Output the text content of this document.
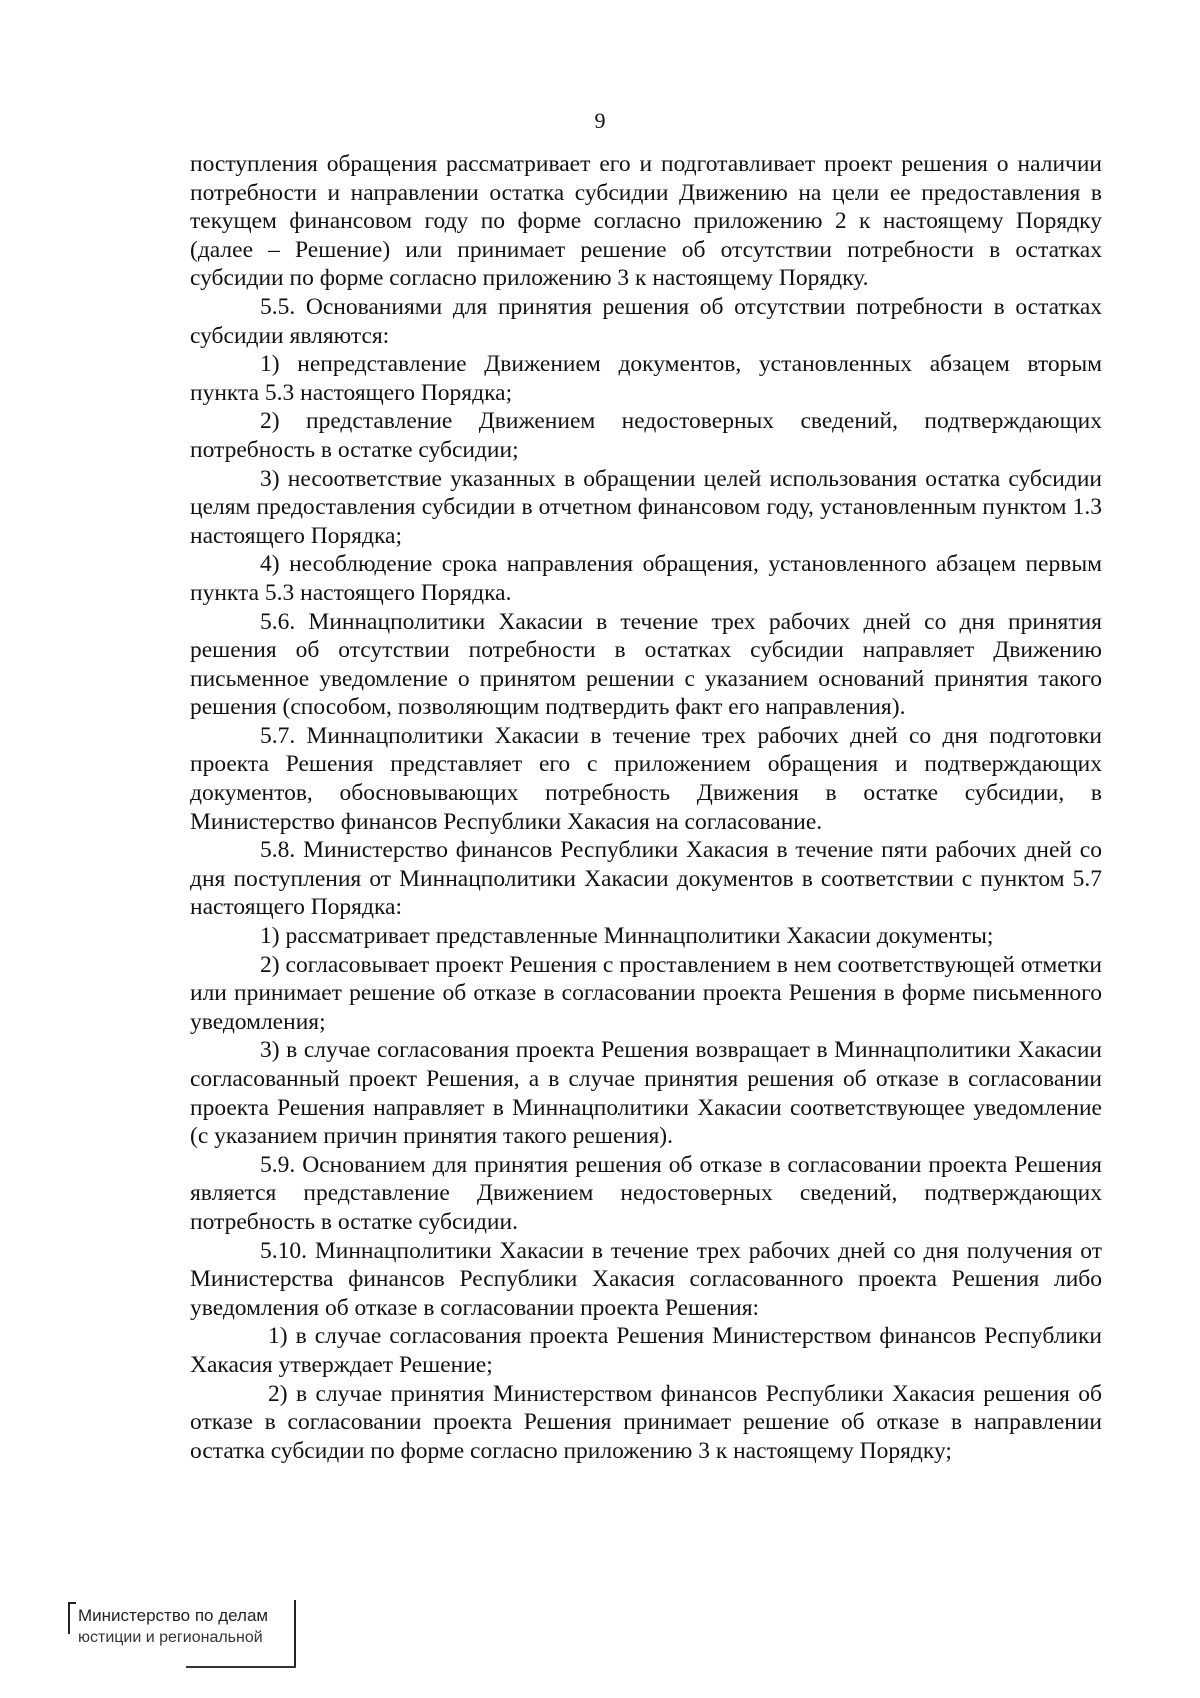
9

поступления обращения рассматривает его и подготавливает проект решения о наличии потребности и направлении остатка субсидии Движению на цели ее предоставления в текущем финансовом году по форме согласно приложению 2 к настоящему Порядку (далее – Решение) или принимает решение об отсутствии потребности в остатках субсидии по форме согласно приложению 3 к настоящему Порядку.

5.5. Основаниями для принятия решения об отсутствии потребности в остатках субсидии являются:

1) непредставление Движением документов, установленных абзацем вторым пункта 5.3 настоящего Порядка;

2) представление Движением недостоверных сведений, подтверждающих потребность в остатке субсидии;

3) несоответствие указанных в обращении целей использования остатка субсидии целям предоставления субсидии в отчетном финансовом году, установленным пунктом 1.3 настоящего Порядка;

4) несоблюдение срока направления обращения, установленного абзацем первым пункта 5.3 настоящего Порядка.

5.6. Миннацполитики Хакасии в течение трех рабочих дней со дня принятия решения об отсутствии потребности в остатках субсидии направляет Движению письменное уведомление о принятом решении с указанием оснований принятия такого решения (способом, позволяющим подтвердить факт его направления).

5.7. Миннацполитики Хакасии в течение трех рабочих дней со дня подготовки проекта Решения представляет его с приложением обращения и подтверждающих документов, обосновывающих потребность Движения в остатке субсидии, в Министерство финансов Республики Хакасия на согласование.

5.8. Министерство финансов Республики Хакасия в течение пяти рабочих дней со дня поступления от Миннацполитики Хакасии документов в соответствии с пунктом 5.7 настоящего Порядка:

1) рассматривает представленные Миннацполитики Хакасии документы;

2) согласовывает проект Решения с проставлением в нем соответствующей отметки или принимает решение об отказе в согласовании проекта Решения в форме письменного уведомления;

3) в случае согласования проекта Решения возвращает в Миннацполитики Хакасии согласованный проект Решения, а в случае принятия решения об отказе в согласовании проекта Решения направляет в Миннацполитики Хакасии соответствующее уведомление (с указанием причин принятия такого решения).

5.9. Основанием для принятия решения об отказе в согласовании проекта Решения является представление Движением недостоверных сведений, подтверждающих потребность в остатке субсидии.

5.10. Миннацполитики Хакасии в течение трех рабочих дней со дня получения от Министерства финансов Республики Хакасия согласованного проекта Решения либо уведомления об отказе в согласовании проекта Решения:

1) в случае согласования проекта Решения Министерством финансов Республики Хакасия утверждает Решение;

2) в случае принятия Министерством финансов Республики Хакасия решения об отказе в согласовании проекта Решения принимает решение об отказе в направлении остатка субсидии по форме согласно приложению 3 к настоящему Порядку;

Министерство по делам
юстиции и региональной
